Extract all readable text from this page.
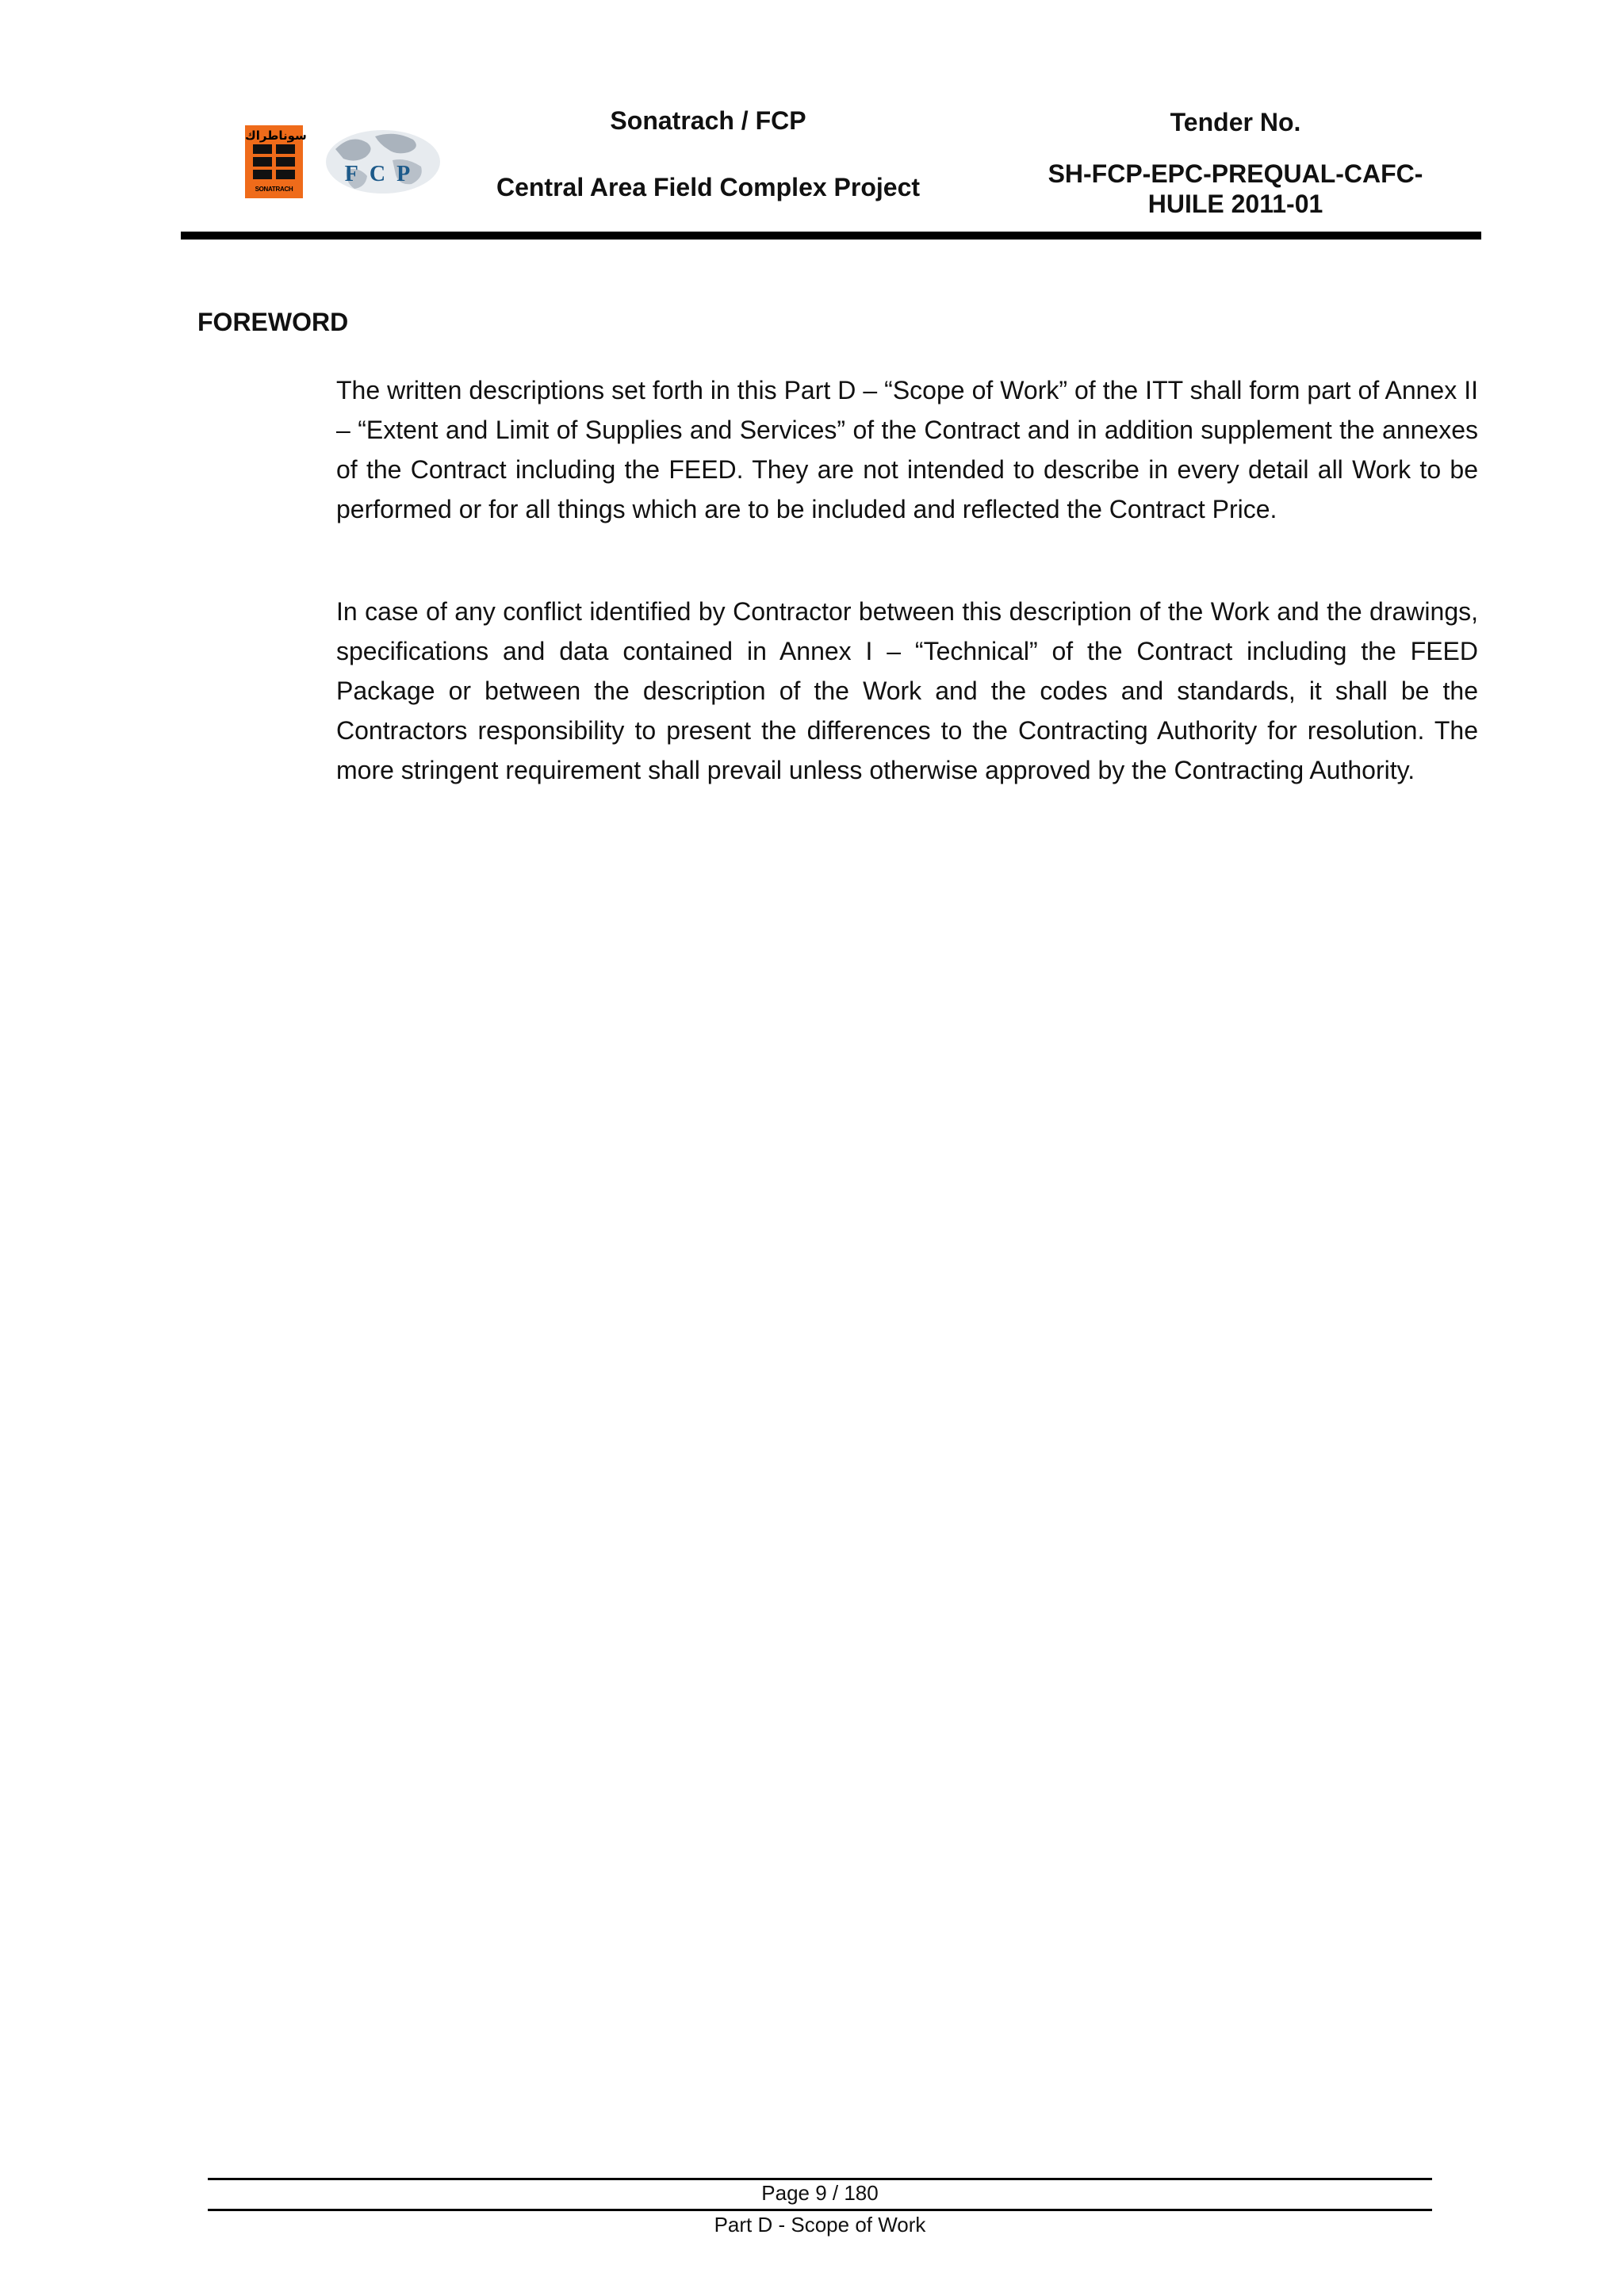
سوناطراك
SONATRACH
FCP
Sonatrach / FCP
Central Area Field Complex Project
Tender No.
SH-FCP-EPC-PREQUAL-CAFC-HUILE 2011-01
FOREWORD

The written descriptions set forth in this Part D – “Scope of Work” of the ITT shall form part of Annex II – “Extent and Limit of Supplies and Services” of the Contract and in addition supplement the annexes of the Contract including the FEED. They are not intended to describe in every detail all Work to be performed or for all things which are to be included and reflected the Contract Price.

In case of any conflict identified by Contractor between this description of the Work and the drawings, specifications and data contained in Annex I – “Technical” of the Contract including the FEED Package or between the description of the Work and the codes and standards, it shall be the Contractors responsibility to present the differences to the Contracting Authority for resolution. The more stringent requirement shall prevail unless otherwise approved by the Contracting Authority.

Page 9 / 180
Part D - Scope of Work
